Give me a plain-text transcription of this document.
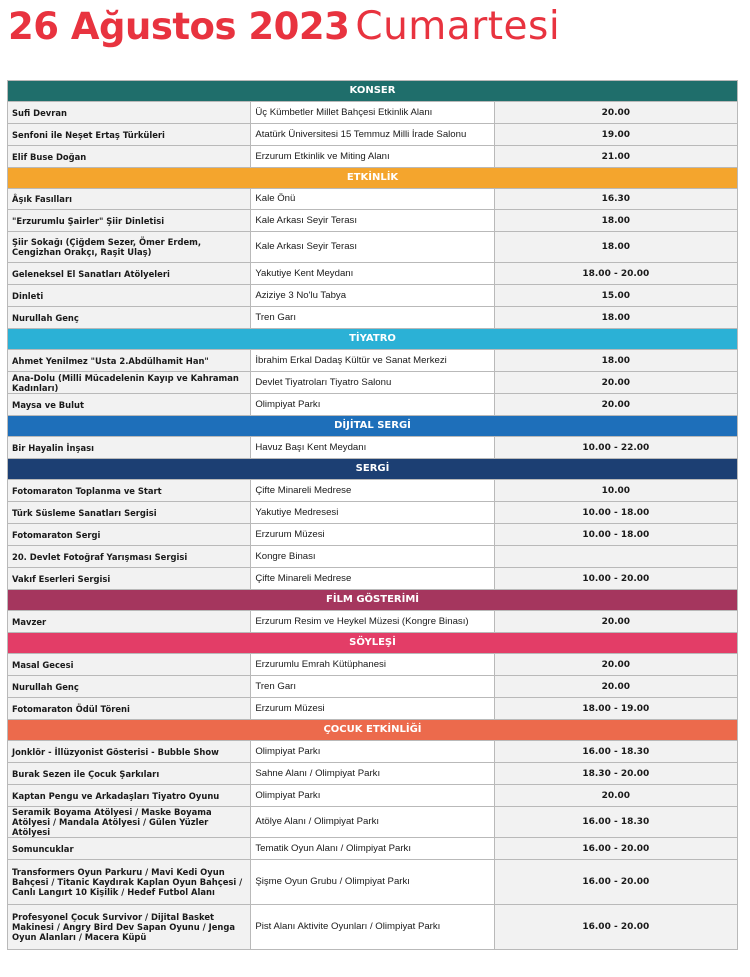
26 Ağustos 2023 Cumartesi
KONSER		
Sufi Devran	Üç Kümbetler Millet Bahçesi Etkinlik Alanı	20.00
Senfoni ile Neşet Ertaş Türküleri	Atatürk Üniversitesi 15 Temmuz Milli İrade Salonu	19.00
Elif Buse Doğan	Erzurum Etkinlik ve Miting Alanı	21.00
ETKİNLİK		
Âşık Fasılları	Kale Önü	16.30
"Erzurumlu Şairler" Şiir Dinletisi	Kale Arkası Seyir Terası	18.00
Şiir Sokağı (Çiğdem Sezer, Ömer Erdem, Cengizhan Orakçı, Raşit Ulaş)	Kale Arkası Seyir Terası	18.00
Geleneksel El Sanatları Atölyeleri	Yakutiye Kent Meydanı	18.00 - 20.00
Dinleti	Aziziye 3 No'lu Tabya	15.00
Nurullah Genç	Tren Garı	18.00
TİYATRO		
Ahmet Yenilmez "Usta 2.Abdülhamit Han"	İbrahim Erkal Dadaş Kültür ve Sanat Merkezi	18.00
Ana-Dolu (Milli Mücadelenin Kayıp ve Kahraman Kadınları)	Devlet Tiyatroları Tiyatro Salonu	20.00
Maysa ve Bulut	Olimpiyat Parkı	20.00
DİJİTAL SERGİ		
Bir Hayalin İnşası	Havuz Başı Kent Meydanı	10.00 - 22.00
SERGİ		
Fotomaraton Toplanma ve Start	Çifte Minareli Medrese	10.00
Türk Süsleme Sanatları Sergisi	Yakutiye Medresesi	10.00 - 18.00
Fotomaraton Sergi	Erzurum Müzesi	10.00 - 18.00
20. Devlet Fotoğraf Yarışması Sergisi	Kongre Binası	
Vakıf Eserleri Sergisi	Çifte Minareli Medrese	10.00 - 20.00
FİLM GÖSTERİMİ		
Mavzer	Erzurum Resim ve Heykel Müzesi (Kongre Binası)	20.00
SÖYLEŞİ		
Masal Gecesi	Erzurumlu Emrah Kütüphanesi	20.00
Nurullah Genç	Tren Garı	20.00
Fotomaraton Ödül Töreni	Erzurum Müzesi	18.00 - 19.00
ÇOCUK ETKİNLİĞİ		
Jonklör - İllüzyonist Gösterisi - Bubble Show	Olimpiyat Parkı	16.00 - 18.30
Burak Sezen ile Çocuk Şarkıları	Sahne Alanı / Olimpiyat Parkı	18.30 - 20.00
Kaptan Pengu ve Arkadaşları Tiyatro Oyunu	Olimpiyat Parkı	20.00
Seramik Boyama Atölyesi / Maske Boyama Atölyesi / Mandala Atölyesi / Gülen Yüzler Atölyesi	Atölye Alanı / Olimpiyat Parkı	16.00 - 18.30
Somuncuklar	Tematik Oyun Alanı / Olimpiyat Parkı	16.00 - 20.00
Transformers Oyun Parkuru / Mavi Kedi Oyun Bahçesi / Titanic Kaydırak Kaplan Oyun Bahçesi / Canlı Langırt 10 Kişilik / Hedef Futbol Alanı	Şişme Oyun Grubu / Olimpiyat Parkı	16.00 - 20.00
Profesyonel Çocuk Survivor / Dijital Basket Makinesi / Angry Bird Dev Sapan Oyunu / Jenga Oyun Alanları / Macera Küpü	Pist Alanı Aktivite Oyunları / Olimpiyat Parkı	16.00 - 20.00
